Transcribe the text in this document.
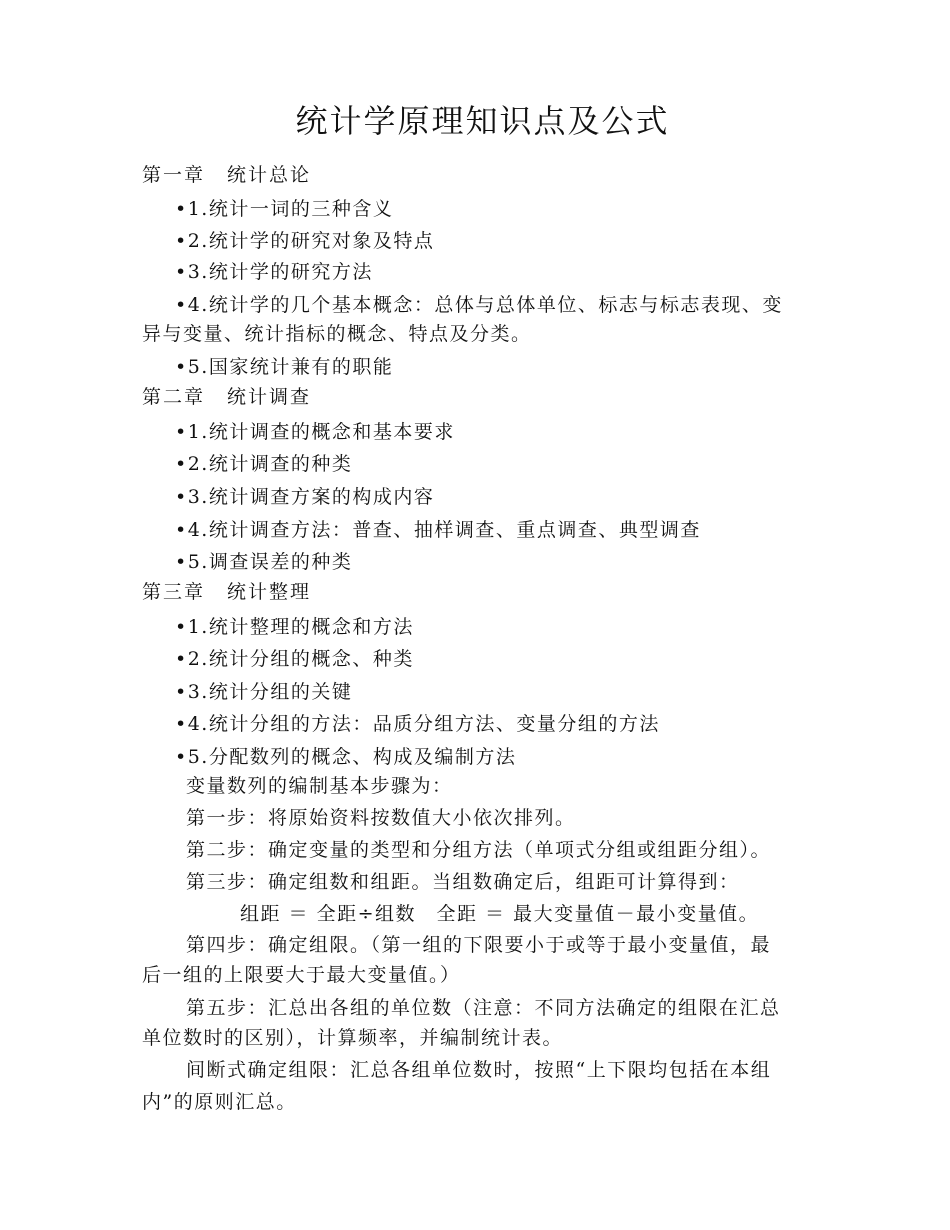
统计学原理知识点及公式
第一章 统计总论
•1.统计一词的三种含义
•2.统计学的研究对象及特点
•3.统计学的研究方法
•4.统计学的几个基本概念：总体与总体单位、标志与标志表现、变
异与变量、统计指标的概念、特点及分类。
•5.国家统计兼有的职能
第二章 统计调查
•1.统计调查的概念和基本要求
•2.统计调查的种类
•3.统计调查方案的构成内容
•4.统计调查方法：普查、抽样调查、重点调查、典型调查
•5.调查误差的种类
第三章 统计整理
•1.统计整理的概念和方法
•2.统计分组的概念、种类
•3.统计分组的关键
•4.统计分组的方法：品质分组方法、变量分组的方法
•5.分配数列的概念、构成及编制方法
变量数列的编制基本步骤为：
第一步：将原始资料按数值大小依次排列。
第二步：确定变量的类型和分组方法（单项式分组或组距分组）。
第三步：确定组数和组距。当组数确定后，组距可计算得到：
组距 ＝ 全距÷组数　全距 ＝ 最大变量值－最小变量值。
第四步：确定组限。（第一组的下限要小于或等于最小变量值，最
后一组的上限要大于最大变量值。）
第五步：汇总出各组的单位数（注意：不同方法确定的组限在汇总
单位数时的区别），计算频率，并编制统计表。
间断式确定组限：汇总各组单位数时，按照“上下限均包括在本组
内”的原则汇总。
